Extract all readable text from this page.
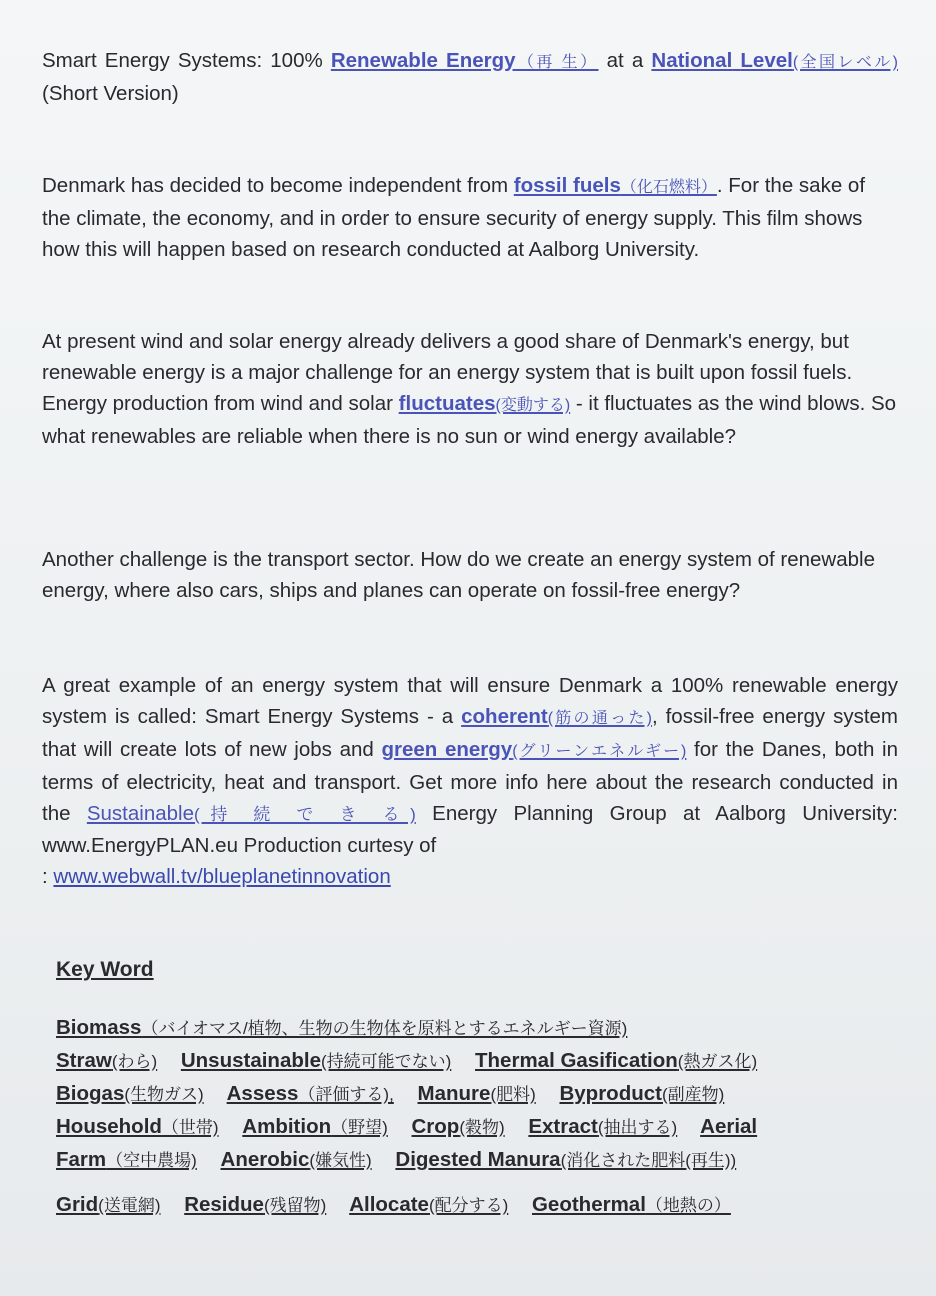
Smart Energy Systems: 100% Renewable Energy（再 生） at a National Level(全国レベル) (Short Version)
Denmark has decided to become independent from fossil fuels（化石燃料）. For the sake of the climate, the economy, and in order to ensure security of energy supply. This film shows how this will happen based on research conducted at Aalborg University.
At present wind and solar energy already delivers a good share of Denmark's energy, but renewable energy is a major challenge for an energy system that is built upon fossil fuels.
Energy production from wind and solar fluctuates(変動する) - it fluctuates as the wind blows. So what renewables are reliable when there is no sun or wind energy available?
Another challenge is the transport sector. How do we create an energy system of renewable energy, where also cars, ships and planes can operate on fossil-free energy?
A great example of an energy system that will ensure Denmark a 100% renewable energy system is called: Smart Energy Systems - a coherent(筋の通った), fossil-free energy system that will create lots of new jobs and green energy(グリーンエネルギー) for the Danes, both in terms of electricity, heat and transport. Get more info here about the research conducted in the Sustainable(持 続 で き る) Energy Planning Group at Aalborg University: www.EnergyPLAN.eu Production curtesy of
: www.webwall.tv/blueplanetinnovation
Key Word
Biomass（バイオマス/植物、生物の生物体を原料とするエネルギー資源)
Straw(わら) Unsustainable(持続可能でない) Thermal Gasification(熱ガス化)
Biogas(生物ガス) Assess（評価する), Manure(肥料) Byproduct(副産物)
Household（世帯) Ambition（野望) Crop(穀物) Extract(抽出する) Aerial
Farm（空中農場) Anerobic(嫌気性) Digested Manura(消化された肥料(再生))
Grid(送電網) Residue(残留物) Allocate(配分する) Geothermal（地熱の）
